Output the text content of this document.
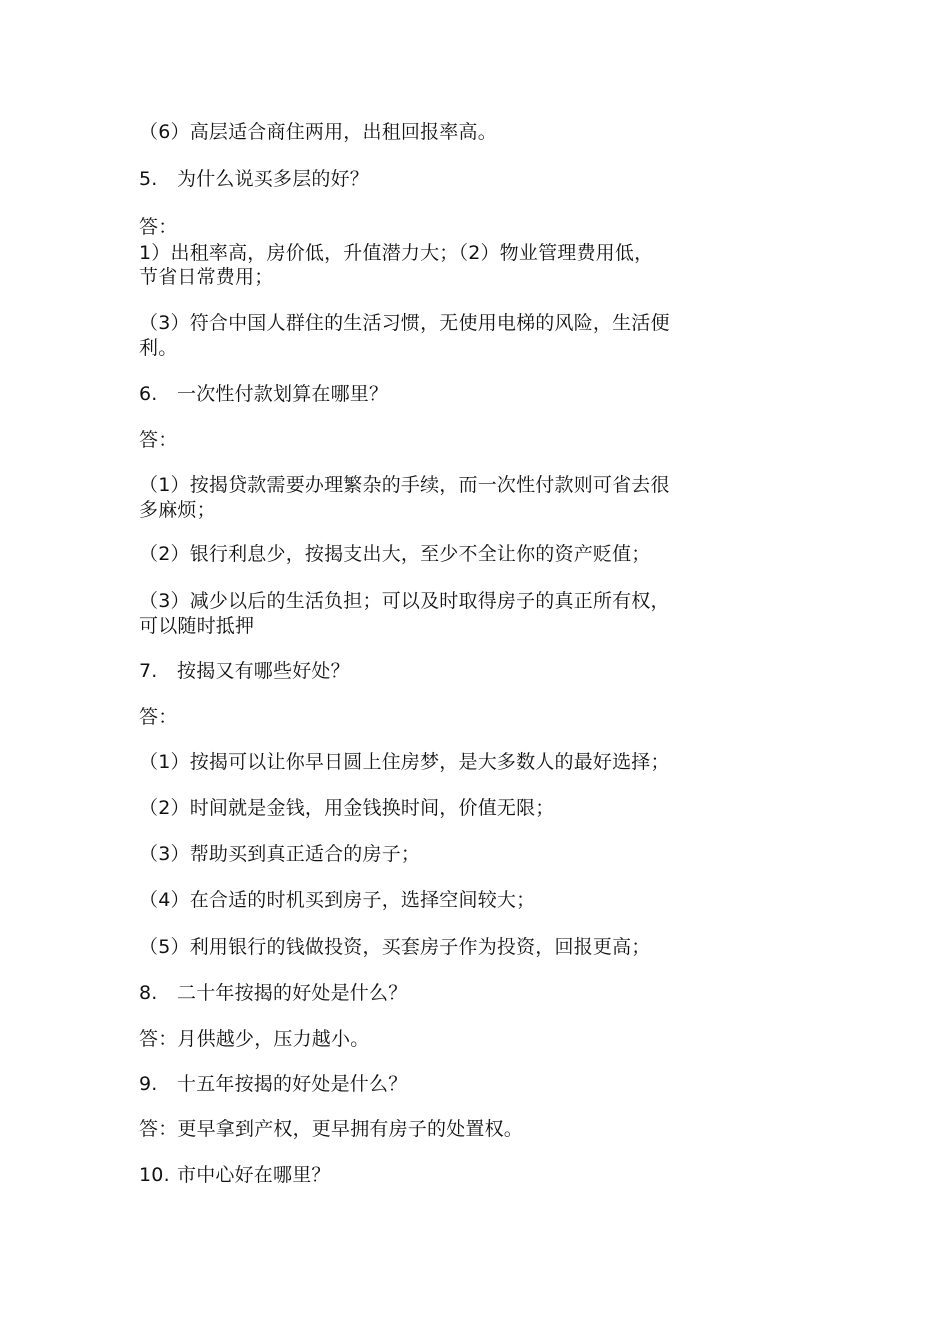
（6）高层适合商住两用，出租回报率高。
5. 为什么说买多层的好？
答：
1）出租率高，房价低，升值潜力大；（2）物业管理费用低，
节省日常费用；
（3）符合中国人群住的生活习惯，无使用电梯的风险，生活便
利。
6. 一次性付款划算在哪里？
答：
（1）按揭贷款需要办理繁杂的手续，而一次性付款则可省去很
多麻烦；
（2）银行利息少，按揭支出大，至少不全让你的资产贬值；
（3）减少以后的生活负担；可以及时取得房子的真正所有权，
可以随时抵押
7. 按揭又有哪些好处？
答：
（1）按揭可以让你早日圆上住房梦，是大多数人的最好选择；
（2）时间就是金钱，用金钱换时间，价值无限；
（3）帮助买到真正适合的房子；
（4）在合适的时机买到房子，选择空间较大；
（5）利用银行的钱做投资，买套房子作为投资，回报更高；
8. 二十年按揭的好处是什么？
答：月供越少，压力越小。
9. 十五年按揭的好处是什么？
答：更早拿到产权，更早拥有房子的处置权。
10. 市中心好在哪里？
